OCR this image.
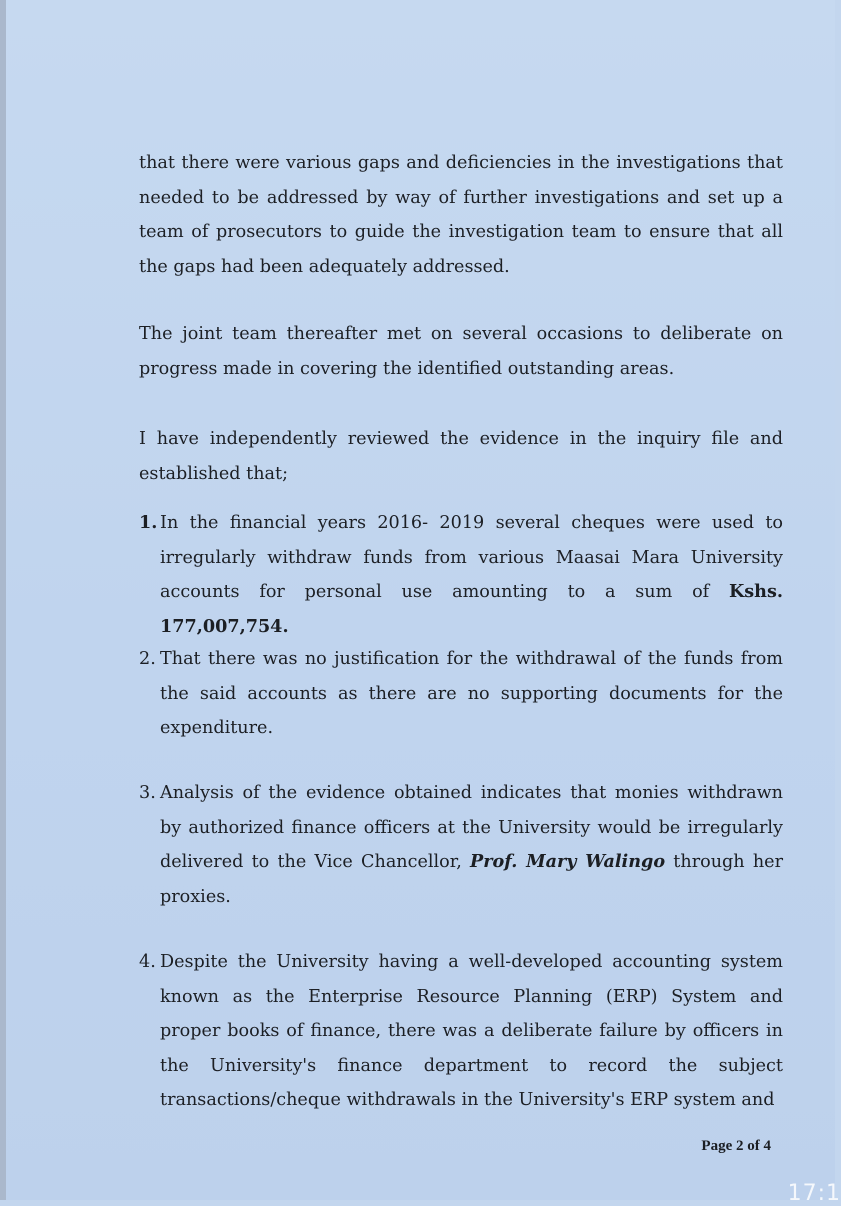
that there were various gaps and deficiencies in the investigations that needed to be addressed by way of further investigations and set up a team of prosecutors to guide the investigation team to ensure that all the gaps had been adequately addressed.

The joint team thereafter met on several occasions to deliberate on progress made in covering the identified outstanding areas.

I have independently reviewed the evidence in the inquiry file and established that;

1. In the financial years 2016- 2019 several cheques were used to irregularly withdraw funds from various Maasai Mara University accounts for personal use amounting to a sum of Kshs. 177,007,754.
2. That there was no justification for the withdrawal of the funds from the said accounts as there are no supporting documents for the expenditure.
3. Analysis of the evidence obtained indicates that monies withdrawn by authorized finance officers at the University would be irregularly delivered to the Vice Chancellor, Prof. Mary Walingo through her proxies.
4. Despite the University having a well-developed accounting system known as the Enterprise Resource Planning (ERP) System and proper books of finance, there was a deliberate failure by officers in the University's finance department to record the subject transactions/cheque withdrawals in the University's ERP system and
Page 2 of 4
17:1
